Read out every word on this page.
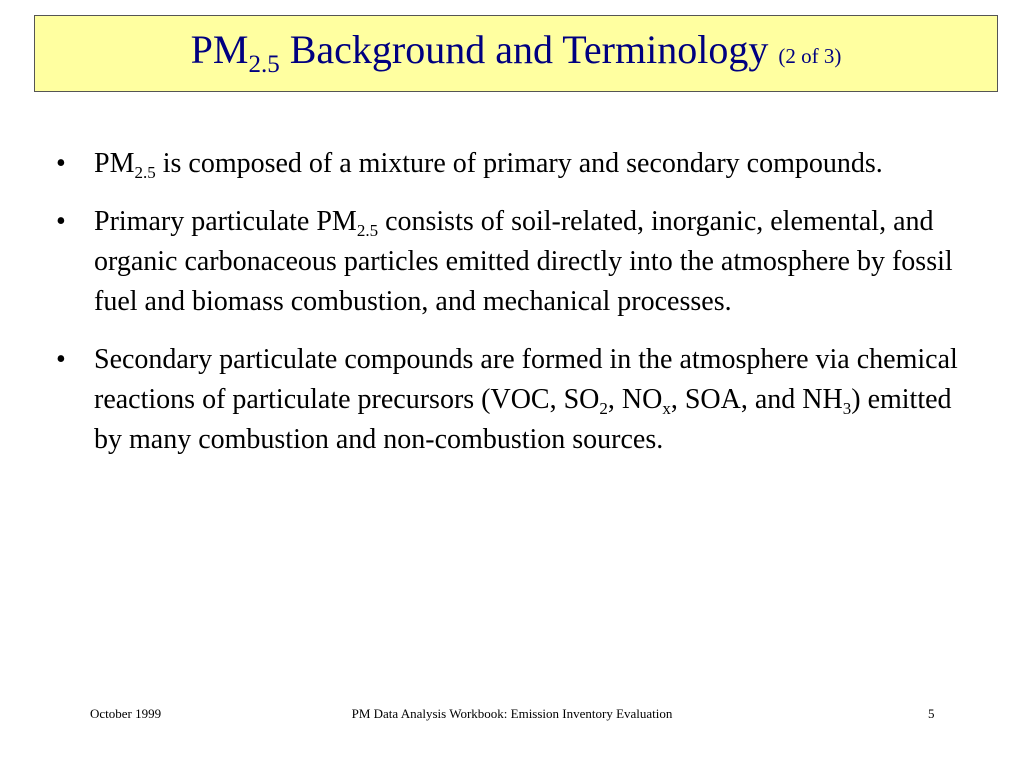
$PM_{2.5}$ Background and Terminology (2 of 3)
• $PM_{2.5}$ is composed of a mixture of primary and secondary compounds.
• Primary particulate $PM_{2.5}$ consists of soil-related, inorganic, elemental, and organic carbonaceous particles emitted directly into the atmosphere by fossil fuel and biomass combustion, and mechanical processes.
• Secondary particulate compounds are formed in the atmosphere via chemical reactions of particulate precursors (VOC, $SO_2$, $NO_x$, SOA, and $NH_3$) emitted by many combustion and non-combustion sources.
October 1999	PM Data Analysis Workbook: Emission Inventory Evaluation	5
